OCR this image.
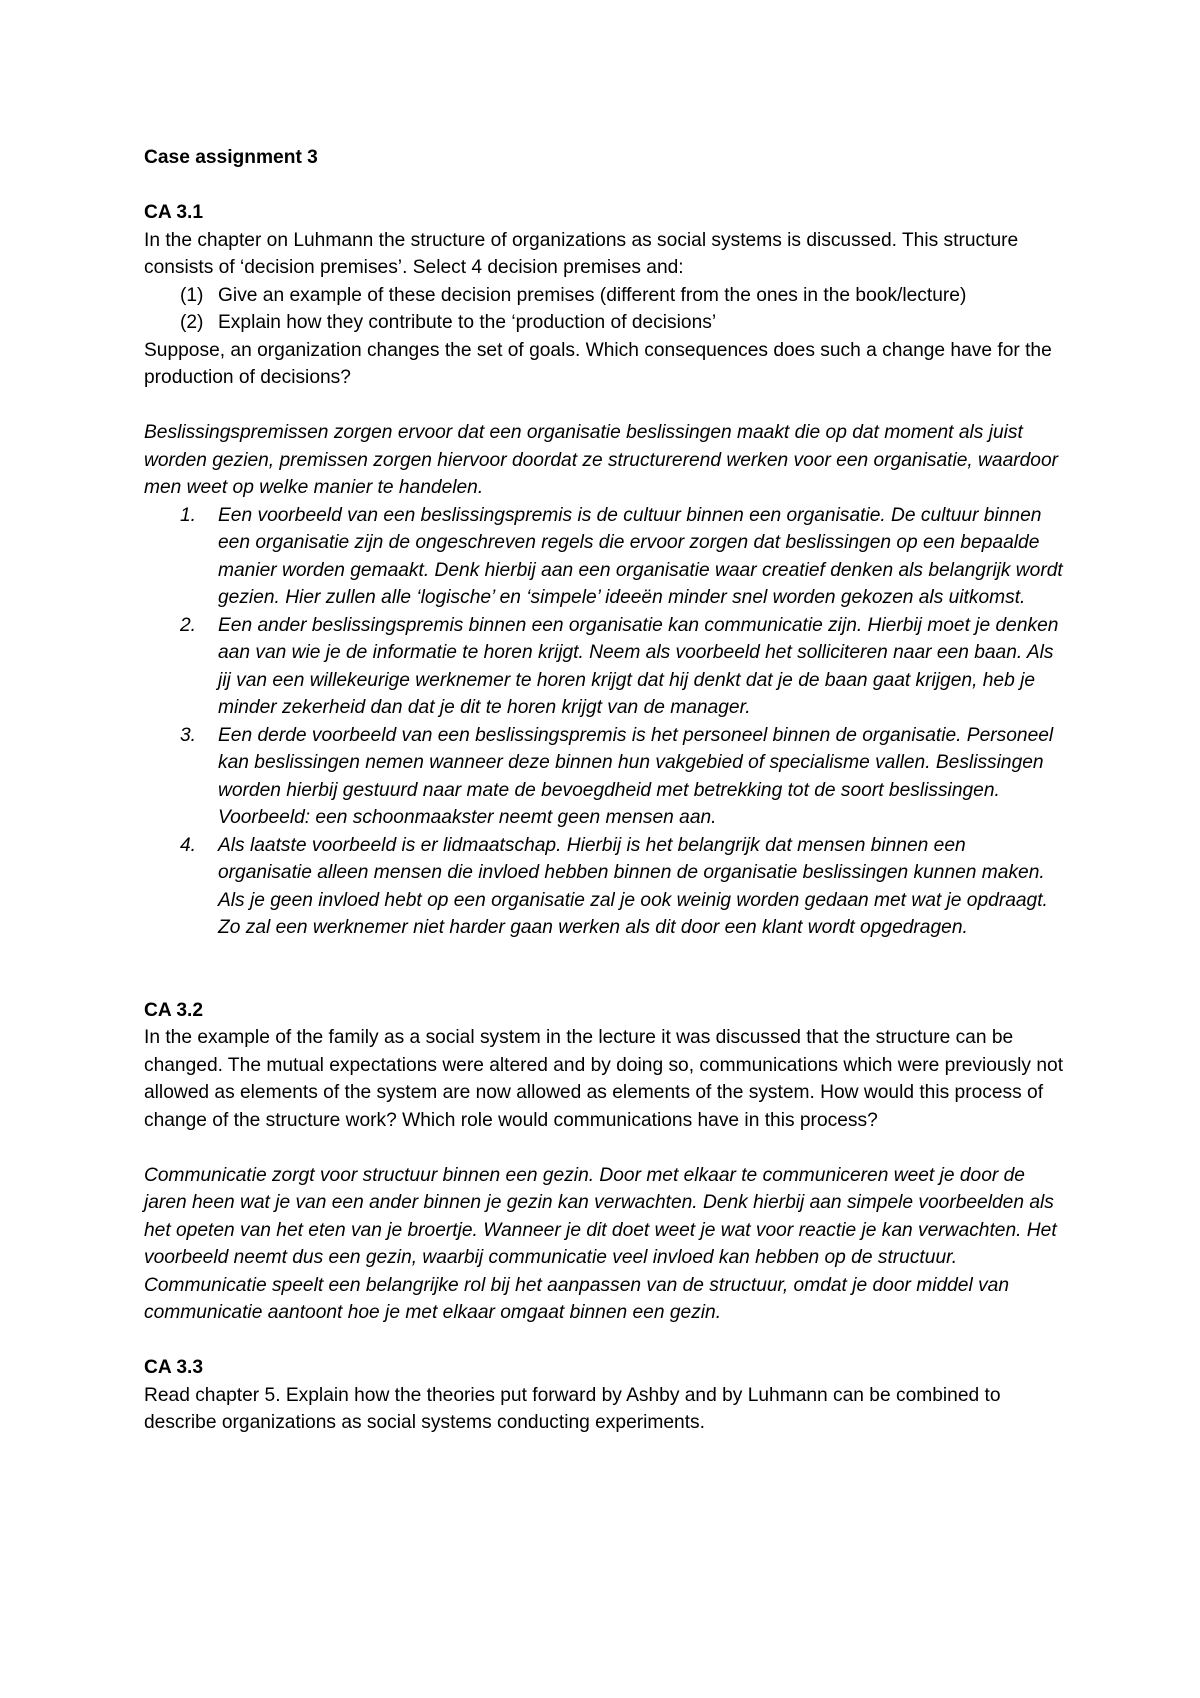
Case assignment 3

CA 3.1

In the chapter on Luhmann the structure of organizations as social systems is discussed. This structure consists of ‘decision premises’. Select 4 decision premises and:

(1) Give an example of these decision premises (different from the ones in the book/lecture)
(2) Explain how they contribute to the ‘production of decisions’

Suppose, an organization changes the set of goals. Which consequences does such a change have for the production of decisions?

Beslissingspremissen zorgen ervoor dat een organisatie beslissingen maakt die op dat moment als juist worden gezien, premissen zorgen hiervoor doordat ze structurerend werken voor een organisatie, waardoor men weet op welke manier te handelen.

1. Een voorbeeld van een beslissingspremis is de cultuur binnen een organisatie. De cultuur binnen een organisatie zijn de ongeschreven regels die ervoor zorgen dat beslissingen op een bepaalde manier worden gemaakt. Denk hierbij aan een organisatie waar creatief denken als belangrijk wordt gezien. Hier zullen alle ‘logische’ en ‘simpele’ ideeën minder snel worden gekozen als uitkomst.
2. Een ander beslissingspremis binnen een organisatie kan communicatie zijn. Hierbij moet je denken aan van wie je de informatie te horen krijgt. Neem als voorbeeld het solliciteren naar een baan. Als jij van een willekeurige werknemer te horen krijgt dat hij denkt dat je de baan gaat krijgen, heb je minder zekerheid dan dat je dit te horen krijgt van de manager.
3. Een derde voorbeeld van een beslissingspremis is het personeel binnen de organisatie. Personeel kan beslissingen nemen wanneer deze binnen hun vakgebied of specialisme vallen. Beslissingen worden hierbij gestuurd naar mate de bevoegdheid met betrekking tot de soort beslissingen. Voorbeeld: een schoonmaakster neemt geen mensen aan.
4. Als laatste voorbeeld is er lidmaatschap. Hierbij is het belangrijk dat mensen binnen een organisatie alleen mensen die invloed hebben binnen de organisatie beslissingen kunnen maken. Als je geen invloed hebt op een organisatie zal je ook weinig worden gedaan met wat je opdraagt. Zo zal een werknemer niet harder gaan werken als dit door een klant wordt opgedragen.

CA 3.2

In the example of the family as a social system in the lecture it was discussed that the structure can be changed. The mutual expectations were altered and by doing so, communications which were previously not allowed as elements of the system are now allowed as elements of the system. How would this process of change of the structure work? Which role would communications have in this process?

Communicatie zorgt voor structuur binnen een gezin. Door met elkaar te communiceren weet je door de jaren heen wat je van een ander binnen je gezin kan verwachten. Denk hierbij aan simpele voorbeelden als het opeten van het eten van je broertje. Wanneer je dit doet weet je wat voor reactie je kan verwachten. Het voorbeeld neemt dus een gezin, waarbij communicatie veel invloed kan hebben op de structuur. Communicatie speelt een belangrijke rol bij het aanpassen van de structuur, omdat je door middel van communicatie aantoont hoe je met elkaar omgaat binnen een gezin.

CA 3.3

Read chapter 5. Explain how the theories put forward by Ashby and by Luhmann can be combined to describe organizations as social systems conducting experiments.
